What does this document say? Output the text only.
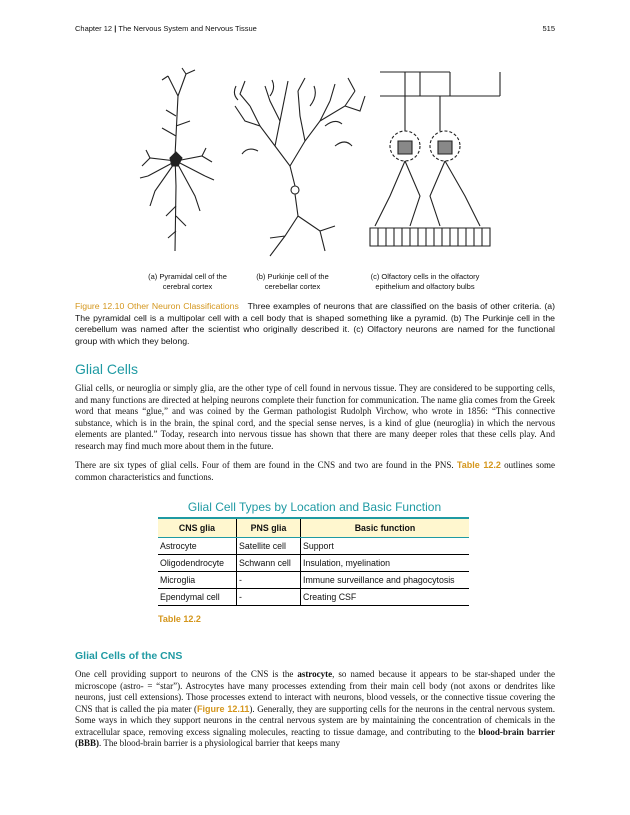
Chapter 12 | The Nervous System and Nervous Tissue	515
(a) Pyramidal cell of the
cerebral cortex
(b) Purkinje cell of the
cerebellar cortex
(c) Olfactory cells in the olfactory
epithelium and olfactory bulbs
Figure 12.10 Other Neuron Classifications Three examples of neurons that are classified on the basis of other criteria. (a) The pyramidal cell is a multipolar cell with a cell body that is shaped something like a pyramid. (b) The Purkinje cell in the cerebellum was named after the scientist who originally described it. (c) Olfactory neurons are named for the functional group with which they belong.
Glial Cells

Glial cells, or neuroglia or simply glia, are the other type of cell found in nervous tissue. They are considered to be supporting cells, and many functions are directed at helping neurons complete their function for communication. The name glia comes from the Greek word that means “glue,” and was coined by the German pathologist Rudolph Virchow, who wrote in 1856: “This connective substance, which is in the brain, the spinal cord, and the special sense nerves, is a kind of glue (neuroglia) in which the nervous elements are planted.” Today, research into nervous tissue has shown that there are many deeper roles that these cells play. And research may find much more about them in the future.

There are six types of glial cells. Four of them are found in the CNS and two are found in the PNS. Table 12.2 outlines some common characteristics and functions.

Glial Cell Types by Location and Basic Function
CNS glia	PNS glia	Basic function
Astrocyte	Satellite cell	Support
Oligodendrocyte	Schwann cell	Insulation, myelination
Microglia	-	Immune surveillance and phagocytosis
Ependymal cell	-	Creating CSF
Table 12.2
Glial Cells of the CNS

One cell providing support to neurons of the CNS is the astrocyte, so named because it appears to be star-shaped under the microscope (astro- = “star”). Astrocytes have many processes extending from their main cell body (not axons or dendrites like neurons, just cell extensions). Those processes extend to interact with neurons, blood vessels, or the connective tissue covering the CNS that is called the pia mater (Figure 12.11). Generally, they are supporting cells for the neurons in the central nervous system. Some ways in which they support neurons in the central nervous system are by maintaining the concentration of chemicals in the extracellular space, removing excess signaling molecules, reacting to tissue damage, and contributing to the blood-brain barrier (BBB). The blood-brain barrier is a physiological barrier that keeps many
